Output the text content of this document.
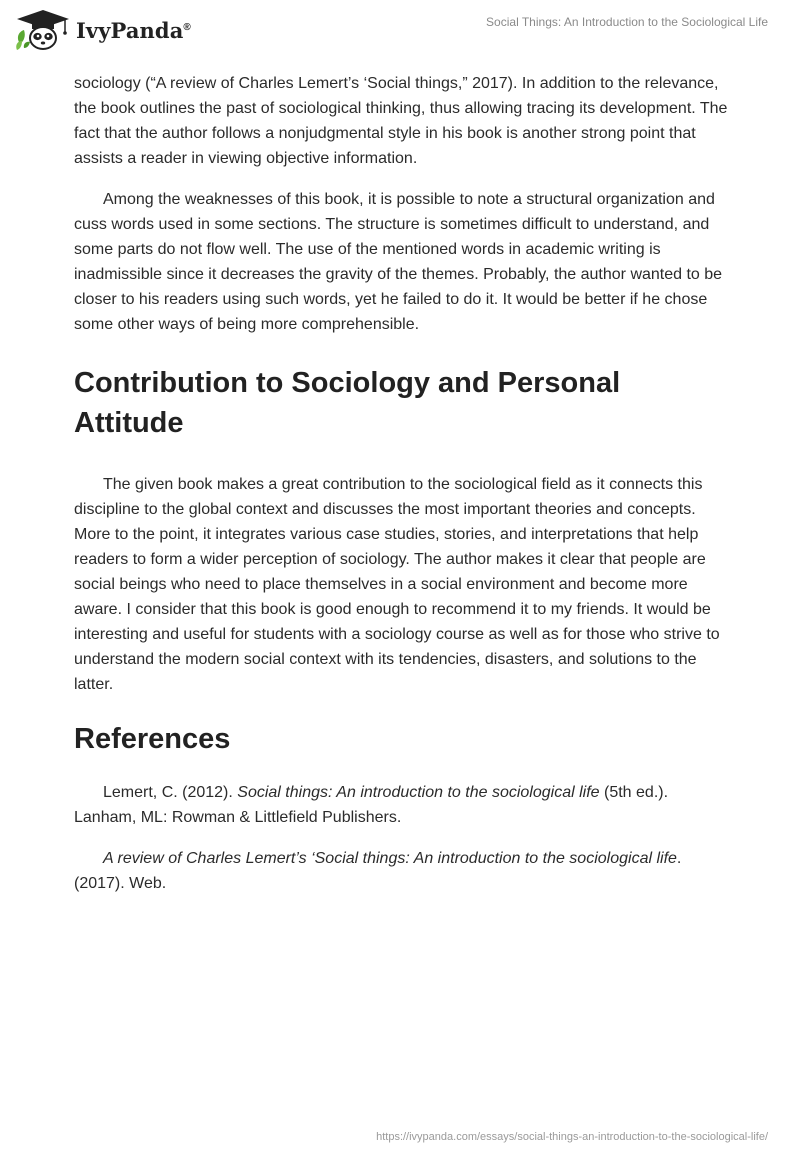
IvyPanda®	Social Things: An Introduction to the Sociological Life

sociology (“A review of Charles Lemert’s ‘Social things,” 2017). In addition to the relevance, the book outlines the past of sociological thinking, thus allowing tracing its development. The fact that the author follows a nonjudgmental style in his book is another strong point that assists a reader in viewing objective information.

Among the weaknesses of this book, it is possible to note a structural organization and cuss words used in some sections. The structure is sometimes difficult to understand, and some parts do not flow well. The use of the mentioned words in academic writing is inadmissible since it decreases the gravity of the themes. Probably, the author wanted to be closer to his readers using such words, yet he failed to do it. It would be better if he chose some other ways of being more comprehensible.

Contribution to Sociology and Personal Attitude

The given book makes a great contribution to the sociological field as it connects this discipline to the global context and discusses the most important theories and concepts. More to the point, it integrates various case studies, stories, and interpretations that help readers to form a wider perception of sociology. The author makes it clear that people are social beings who need to place themselves in a social environment and become more aware. I consider that this book is good enough to recommend it to my friends. It would be interesting and useful for students with a sociology course as well as for those who strive to understand the modern social context with its tendencies, disasters, and solutions to the latter.

References

Lemert, C. (2012). Social things: An introduction to the sociological life (5th ed.). Lanham, ML: Rowman & Littlefield Publishers.

A review of Charles Lemert’s ‘Social things: An introduction to the sociological life. (2017). Web.

https://ivypanda.com/essays/social-things-an-introduction-to-the-sociological-life/
